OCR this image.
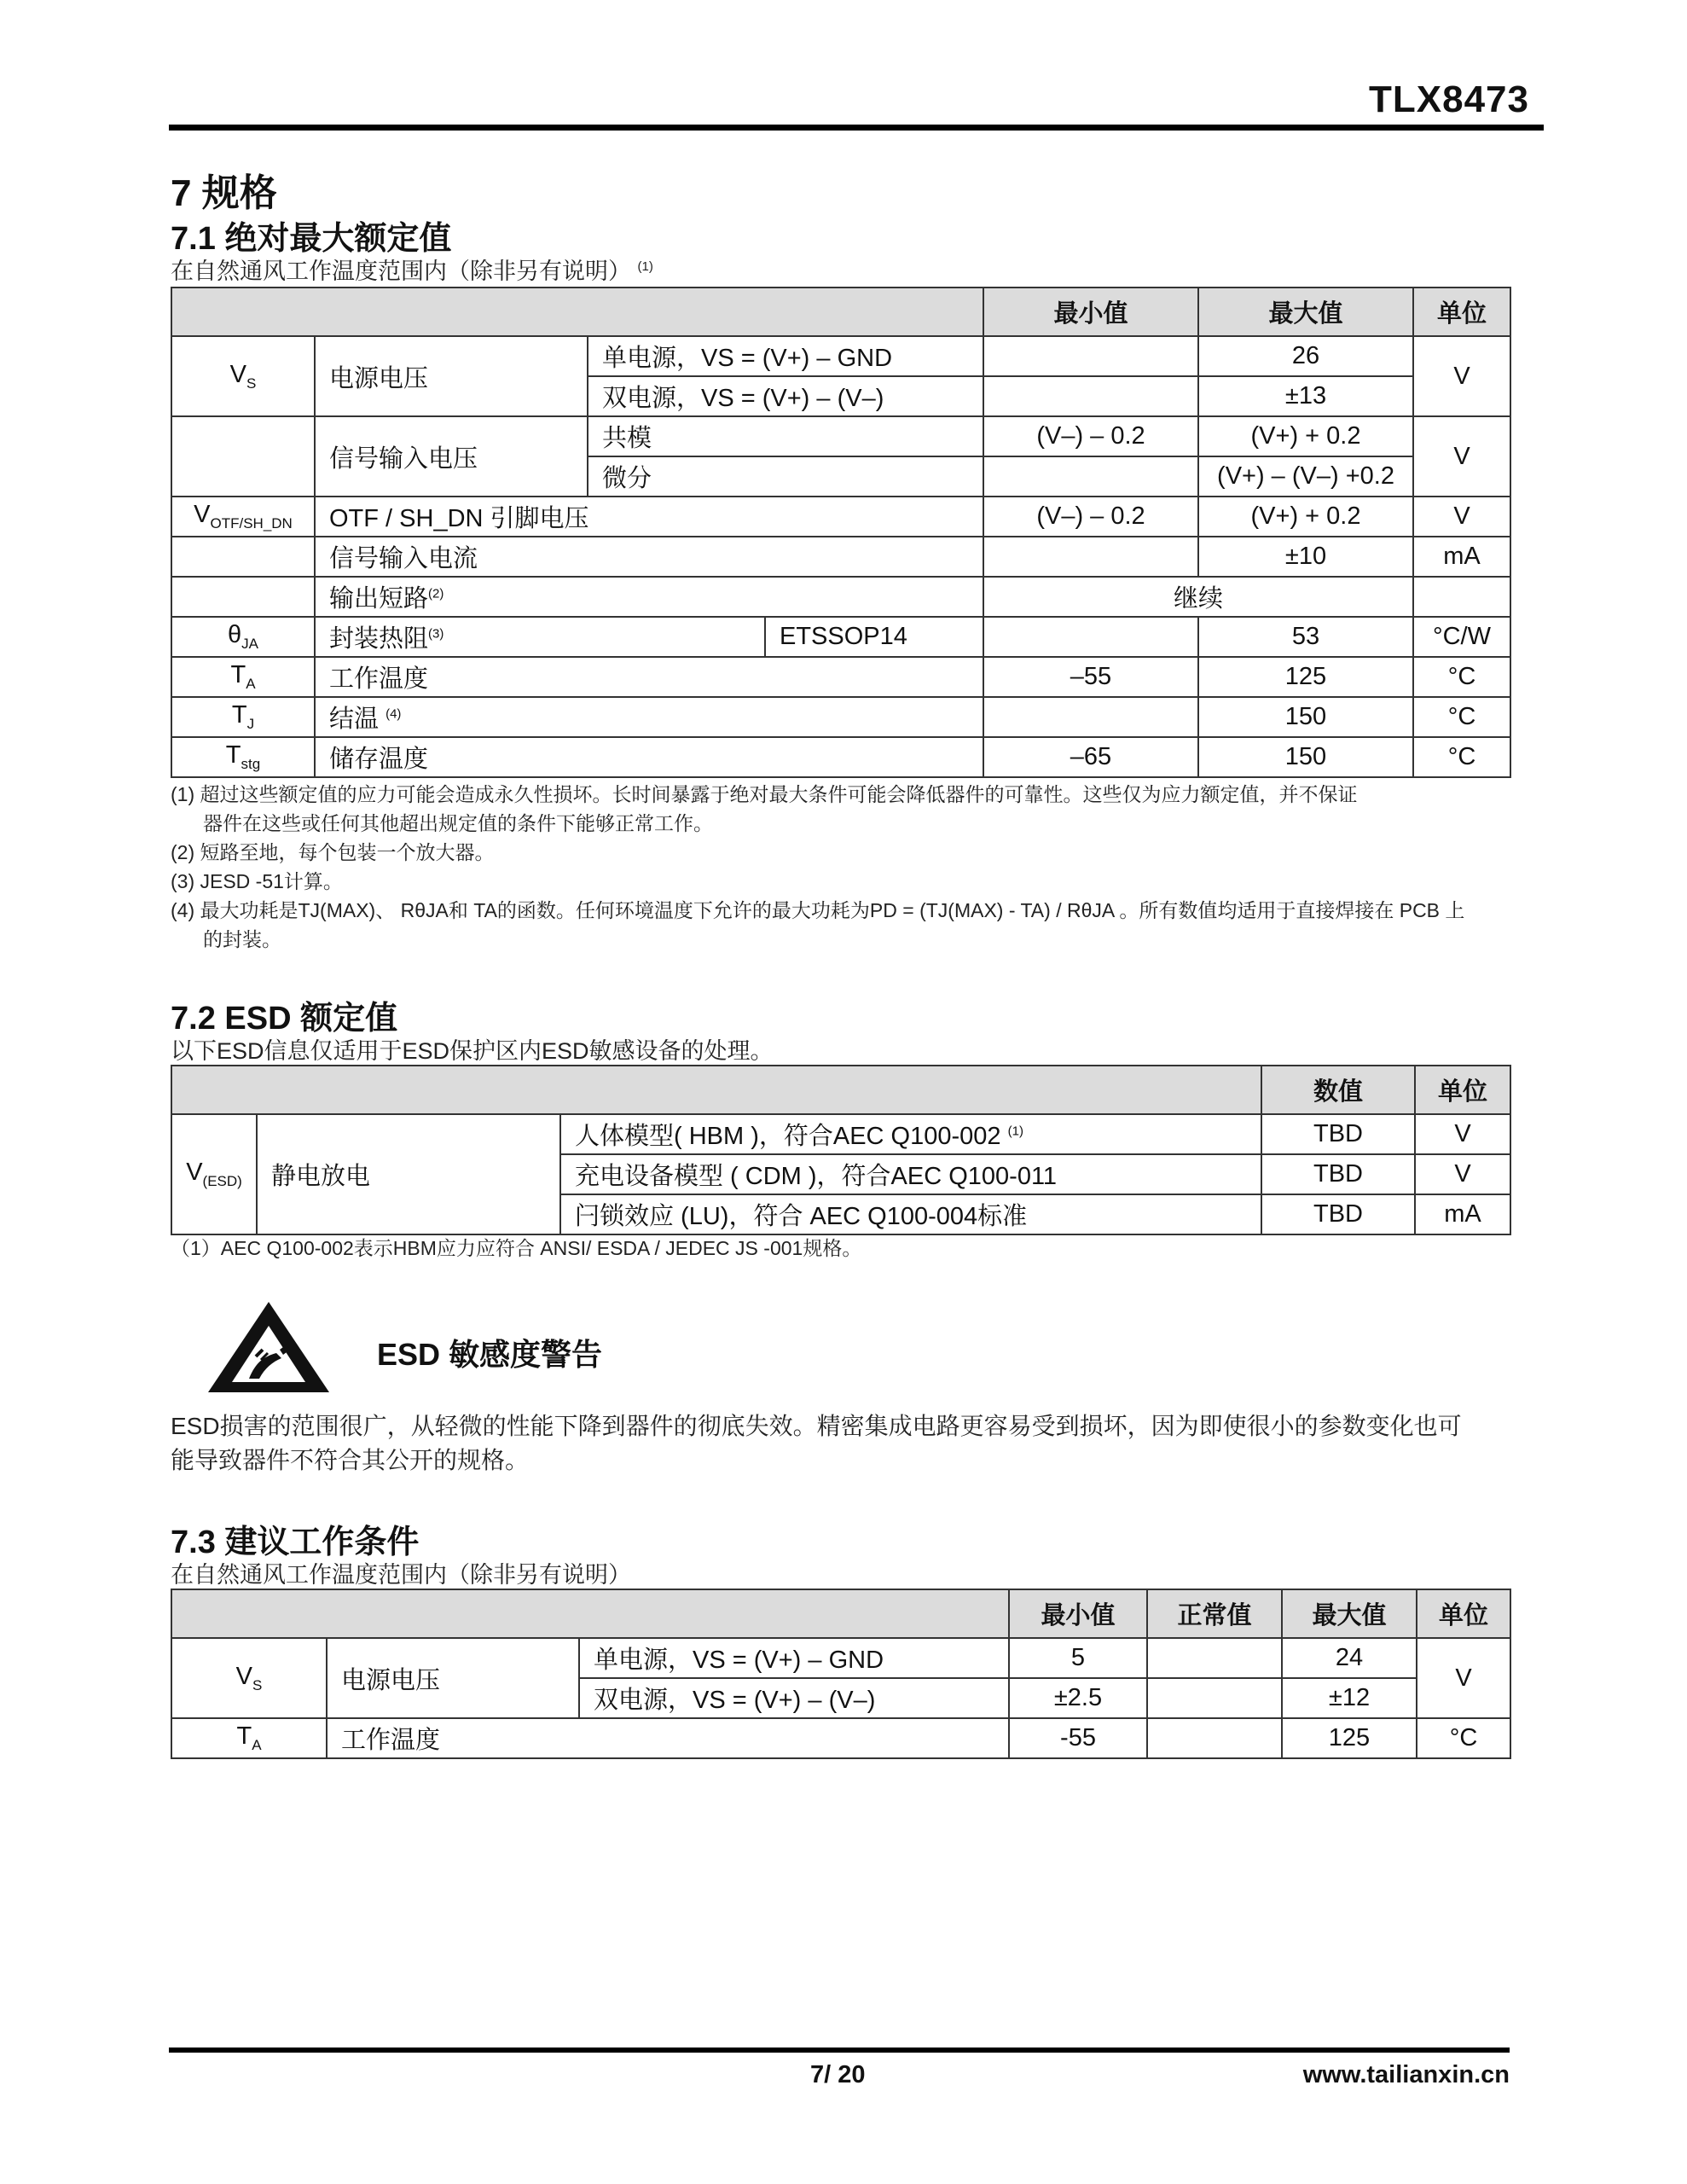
TLX8473
7 规格
7.1 绝对最大额定值
在自然通风工作温度范围内（除非另有说明） $^{(1)}$
				最小值	最大值	单位
$V_S$	电源电压	单电源，VS = (V+) – GND			26	V
		双电源，VS = (V+) – (V–)			±13	
	信号输入电压	共模		(V–) – 0.2	(V+) + 0.2	V
		微分			(V+) – (V–) +0.2	
$V_{OTF/SH\_DN}$	OTF / SH_DN 引脚电压			(V–) – 0.2	(V+) + 0.2	V
	信号输入电流				±10	mA
	输出短路$^{(2)}$			继续		
$\theta_{JA}$	封装热阻$^{(3)}$		ETSSOP14		53	°C/W
$T_A$	工作温度			–55	125	°C
$T_J$	结温 $^{(4)}$				150	°C
$T_{stg}$	储存温度			–65	150	°C
(1) 超过这些额定值的应力可能会造成永久性损坏。长时间暴露于绝对最大条件可能会降低器件的可靠性。这些仅为应力额定值，并不保证
器件在这些或任何其他超出规定值的条件下能够正常工作。
(2) 短路至地，每个包装一个放大器。
(3) JESD -51计算。
(4) 最大功耗是TJ(MAX)、 RθJA和 TA的函数。任何环境温度下允许的最大功耗为PD = (TJ(MAX) - TA) / RθJA 。所有数值均适用于直接焊接在 PCB 上
的封装。
7.2 ESD 额定值
以下ESD信息仅适用于ESD保护区内ESD敏感设备的处理。
			数值	单位
$V_{(ESD)}$	静电放电	人体模型( HBM )，符合AEC Q100-002 $^{(1)}$	TBD	V
		充电设备模型 ( CDM )，符合AEC Q100-011	TBD	V
		闩锁效应 (LU)，符合 AEC Q100-004标准	TBD	mA
（1）AEC Q100-002表示HBM应力应符合 ANSI/ ESDA / JEDEC JS -001规格。
ESD 敏感度警告
ESD损害的范围很广，从轻微的性能下降到器件的彻底失效。精密集成电路更容易受到损坏，因为即使很小的参数变化也可
能导致器件不符合其公开的规格。
7.3 建议工作条件
在自然通风工作温度范围内（除非另有说明）
			最小值	正常值	最大值	单位
$V_S$	电源电压	单电源，VS = (V+) – GND	5		24	V
		双电源，VS = (V+) – (V–)	±2.5		±12	
$T_A$	工作温度		-55		125	°C
7/ 20	www.tailianxin.cn
